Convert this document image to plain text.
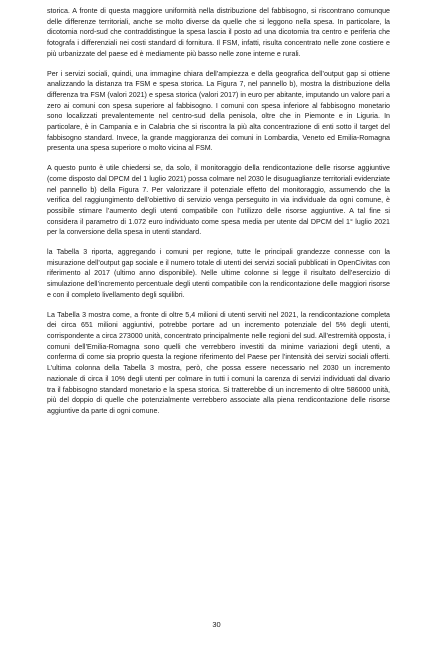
storica. A fronte di questa maggiore uniformità nella distribuzione del fabbisogno, si riscontrano comunque delle differenze territoriali, anche se molto diverse da quelle che si leggono nella spesa. In particolare, la dicotomia nord-sud che contraddistingue la spesa lascia il posto ad una dicotomia tra centro e periferia che fotografa i differenziali nei costi standard di fornitura. Il FSM, infatti, risulta concentrato nelle zone costiere e più urbanizzate del paese ed è mediamente più basso nelle zone interne e rurali.

Per i servizi sociali, quindi, una immagine chiara dell’ampiezza e della geografica dell’output gap si ottiene analizzando la distanza tra FSM e spesa storica. La Figura 7, nel pannello b), mostra la distribuzione della differenza tra FSM (valori 2021) e spesa storica (valori 2017) in euro per abitante, imputando un valore pari a zero ai comuni con spesa superiore al fabbisogno. I comuni con spesa inferiore al fabbisogno monetario sono localizzati prevalentemente nel centro-sud della penisola, oltre che in Piemonte e in Liguria. In particolare, è in Campania e in Calabria che si riscontra la più alta concentrazione di enti sotto il target del fabbisogno standard. Invece, la grande maggioranza dei comuni in Lombardia, Veneto ed Emilia-Romagna presenta una spesa superiore o molto vicina al FSM.

A questo punto è utile chiedersi se, da solo, il monitoraggio della rendicontazione delle risorse aggiuntive (come disposto dal DPCM del 1 luglio 2021) possa colmare nel 2030 le disuguaglianze territoriali evidenziate nel pannello b) della Figura 7. Per valorizzare il potenziale effetto del monitoraggio, assumendo che la verifica del raggiungimento dell’obiettivo di servizio venga perseguito in via individuale da ogni comune, è possibile stimare l’aumento degli utenti compatibile con l’utilizzo delle risorse aggiuntive. A tal fine si considera il parametro di 1.072 euro individuato come spesa media per utente dal DPCM del 1° luglio 2021 per la conversione della spesa in utenti standard.

la Tabella 3 riporta, aggregando i comuni per regione, tutte le principali grandezze connesse con la misurazione dell’output gap sociale e il numero totale di utenti dei servizi sociali pubblicati in OpenCivitas con riferimento al 2017 (ultimo anno disponibile). Nelle ultime colonne si legge il risultato dell’esercizio di simulazione dell’incremento percentuale degli utenti compatibile con la rendicontazione delle maggiori risorse e con il completo livellamento degli squilibri.

La Tabella 3 mostra come, a fronte di oltre 5,4 milioni di utenti serviti nel 2021, la rendicontazione completa dei circa 651 milioni aggiuntivi, potrebbe portare ad un incremento potenziale del 5% degli utenti, corrispondente a circa 273000 unità, concentrato principalmente nelle regioni del sud. All’estremità opposta, i comuni dell’Emilia-Romagna sono quelli che verrebbero investiti da minime variazioni degli utenti, a conferma di come sia proprio questa la regione riferimento del Paese per l’intensità dei servizi sociali offerti. L’ultima colonna della Tabella 3 mostra, però, che possa essere necessario nel 2030 un incremento nazionale di circa il 10% degli utenti per colmare in tutti i comuni la carenza di servizi individuati dal divario tra il fabbisogno standard monetario e la spesa storica. Si tratterebbe di un incremento di oltre 586000 unità, più del doppio di quelle che potenzialmente verrebbero associate alla piena rendicontazione delle risorse aggiuntive da parte di ogni comune.

30
